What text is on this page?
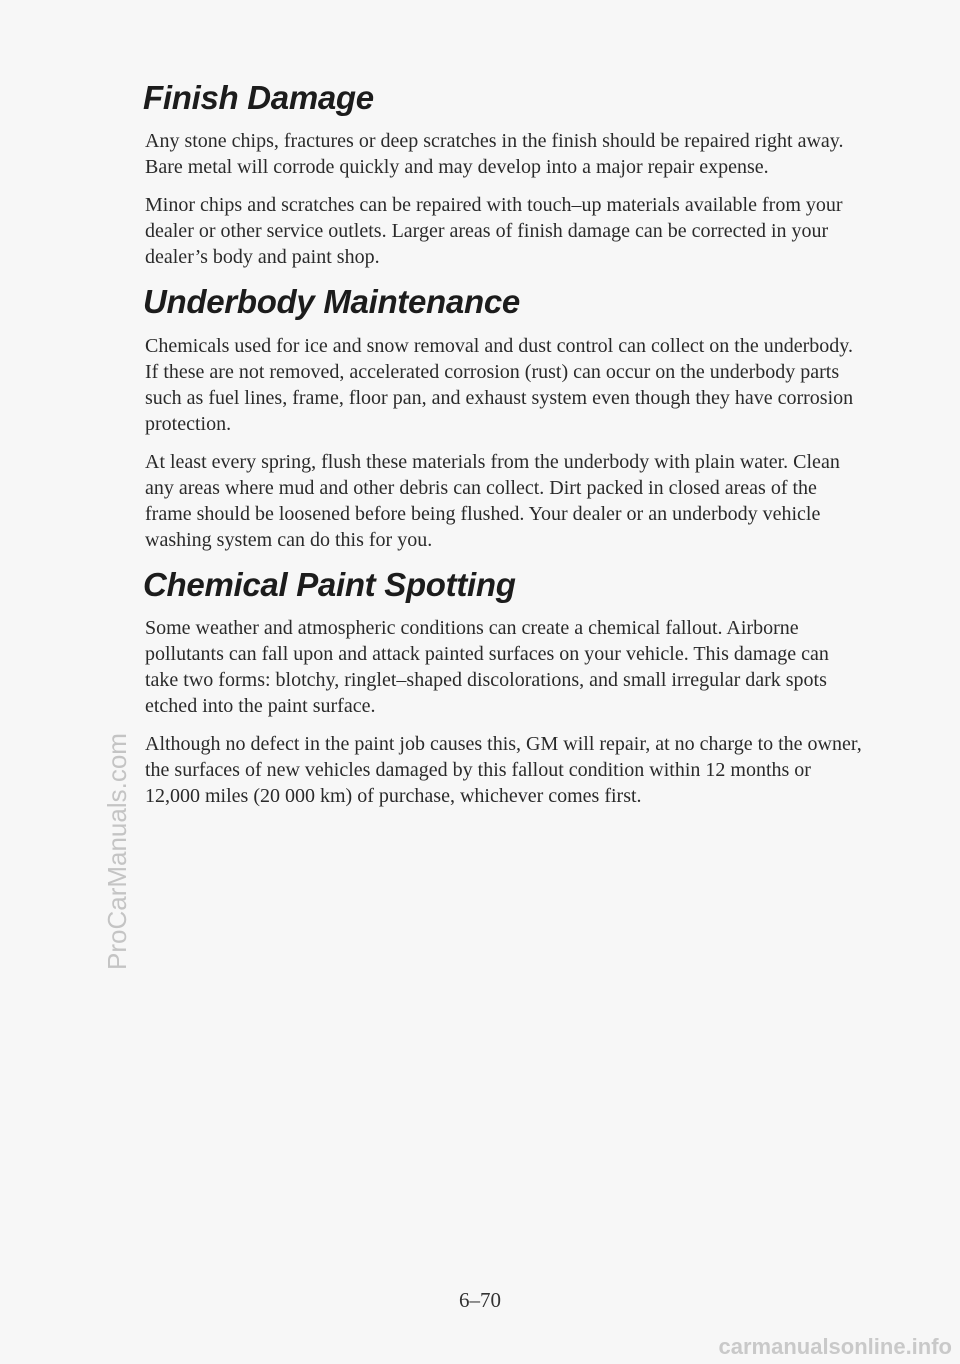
ProCarManuals.com
Finish Damage

Any stone chips, fractures or deep scratches in the finish should be repaired right away. Bare metal will corrode quickly and may develop into a major repair expense.

Minor chips and scratches can be repaired with touch–up materials available from your dealer or other service outlets. Larger areas of finish damage can be corrected in your dealer’s body and paint shop.

Underbody Maintenance

Chemicals used for ice and snow removal and dust control can collect on the underbody. If these are not removed, accelerated corrosion (rust) can occur on the underbody parts such as fuel lines, frame, floor pan, and exhaust system even though they have corrosion protection.

At least every spring, flush these materials from the underbody with plain water. Clean any areas where mud and other debris can collect. Dirt packed in closed areas of the frame should be loosened before being flushed. Your dealer or an underbody vehicle washing system can do this for you.

Chemical Paint Spotting

Some weather and atmospheric conditions can create a chemical fallout. Airborne pollutants can fall upon and attack painted surfaces on your vehicle. This damage can take two forms: blotchy, ringlet–shaped discolorations, and small irregular dark spots etched into the paint surface.

Although no defect in the paint job causes this, GM will repair, at no charge to the owner, the surfaces of new vehicles damaged by this fallout condition within 12 months or 12,000 miles (20 000 km) of purchase, whichever comes first.

6–70
carmanualsonline.info
